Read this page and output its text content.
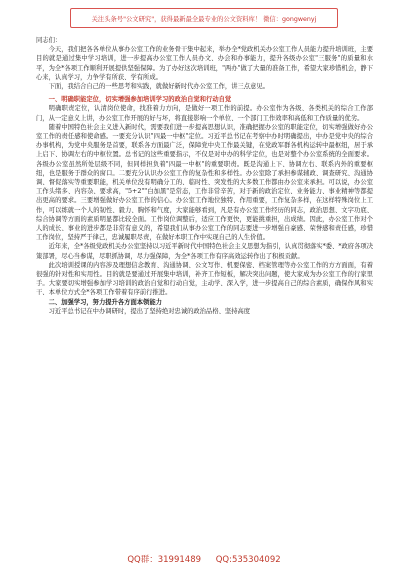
关注头条号"公文研究"，获得最新最全最专业的公文资料库！ 微信：gongwenyj

同志们：

今天，我们把各各单位从事办公室工作的业务骨干集中起来，举办全*党政机关办公室工作人员能力提升培训班，主要目的就是通过集中学习培训，进一步提高办公室工作人员办文、办会和办事能力，提升各级办公室"三服务"的质量和水平，为全*各项工作顺利开展提供坚强保障。为了办好这次培训班，"两办"做了大量的准备工作，希望大家珍惜机会，静下心来，认真学习，力争学有所获、学有所成。

下面，我结合自己的一些思考和实践，就做好新时代办公室工作，讲三点意见。

一、明确职能定位，切实增强参加培训学习的政治自觉和行动自觉

明确职责定位，认清岗位使命，找准着力方向，是做好一项工作的前提。办公室作为各级、各类机关的综合工作部门，从一定意义上讲，办公室工作开展的好与坏，将直接影响一个单位、一个部门工作效率和高低和工作质量的优劣。

随着中国特色社会主义进入新时代，需要我们进一步提高思想认识，准确把握办公室的职能定位，切实增强做好办公室工作的责任感和使命感。一要充分认识"四最一中枢"定位。习近平总书记在考察中办时明确提出，中办是党中央的综合办事机构，为党中央服务是首要，联系各方面最广泛，保障党中央工作最关键，在党政军群各机构运转中最枢纽，居于承上启下、协调左右的中枢位置。总书记的这些重要指示，不仅是对中办的科学定位，也是对整个办公室系统的全面要求。各级办公室虽然所处层级不同，但同样担负着"四最一中枢"的重要职责。既是沟通上下、协调左右、联系内外的重要枢纽，也是服务于群众的窗口。二要充分认识办公室工作的复杂性和多样性。办公室除了承担参谋辅政、调查研究、沟通协调、督促落实等重要职能，机关单位没有明确分工的、临时性、突发性的大多数工作都由办公室来承担。可以说，办公室工作头绪多、内容杂、要求高，"5+2""白加黑"是常态，工作非常辛苦，对于新的政治定位、业务能力、事业精神等都提出更高的要求。三要增强做好办公室工作的信心。办公室工作地位独特、作用重要，工作复杂多样，在这样特殊岗位上工作，可以练就一个人的韧性、毅力、胸怀和气度，大家能够看到，凡是有办公室工作经历的同志，政治思想、文字功底、综合协调等方面的素质明显都比较全面。工作岗位调整后，适应工作更快，更能挑重担，出成绩。因此，办公室工作对个人的成长、事业的进步都是非常有意义的，希望我们从事办公室工作的同志要进一步增强自豪感、荣誉感和责任感，珍惜工作岗位，坚持严于律己，忠诚履职尽责，在做好本职工作中实现自己的人生价值。

近年来，全*各级党政机关办公室坚持以习近平新时代中国特色社会主义思想为指引，认真贯彻落实*委、*政府各项决策部署，尽心当参谋，尽职抓协调，尽力强保障，为全*各项工作有序高效运转作出了积极贡献。

此次培训授课的内容涉及理想信念教育、沟通协调、公文写作、机要保密、档案管理等办公室工作的方方面面，有着很强的针对性和实用性。目的就是要通过开展集中培训，补齐工作短板，解决突出问题，使大家成为办公室工作的行家里手。大家要切实增强参加学习培训的政治自觉和行动自觉，主动学、深入学，进一步提高自己的综合素质，确保作风和实干、本单位方式全*各项工作带着有序前行推进。

二、加强学习，努力提升各方面本领能力

习近平总书记在中办调研时，提出了坚持绝对忠诚的政治品格、坚持高度

QQ群：31991489 QQ:535304092
